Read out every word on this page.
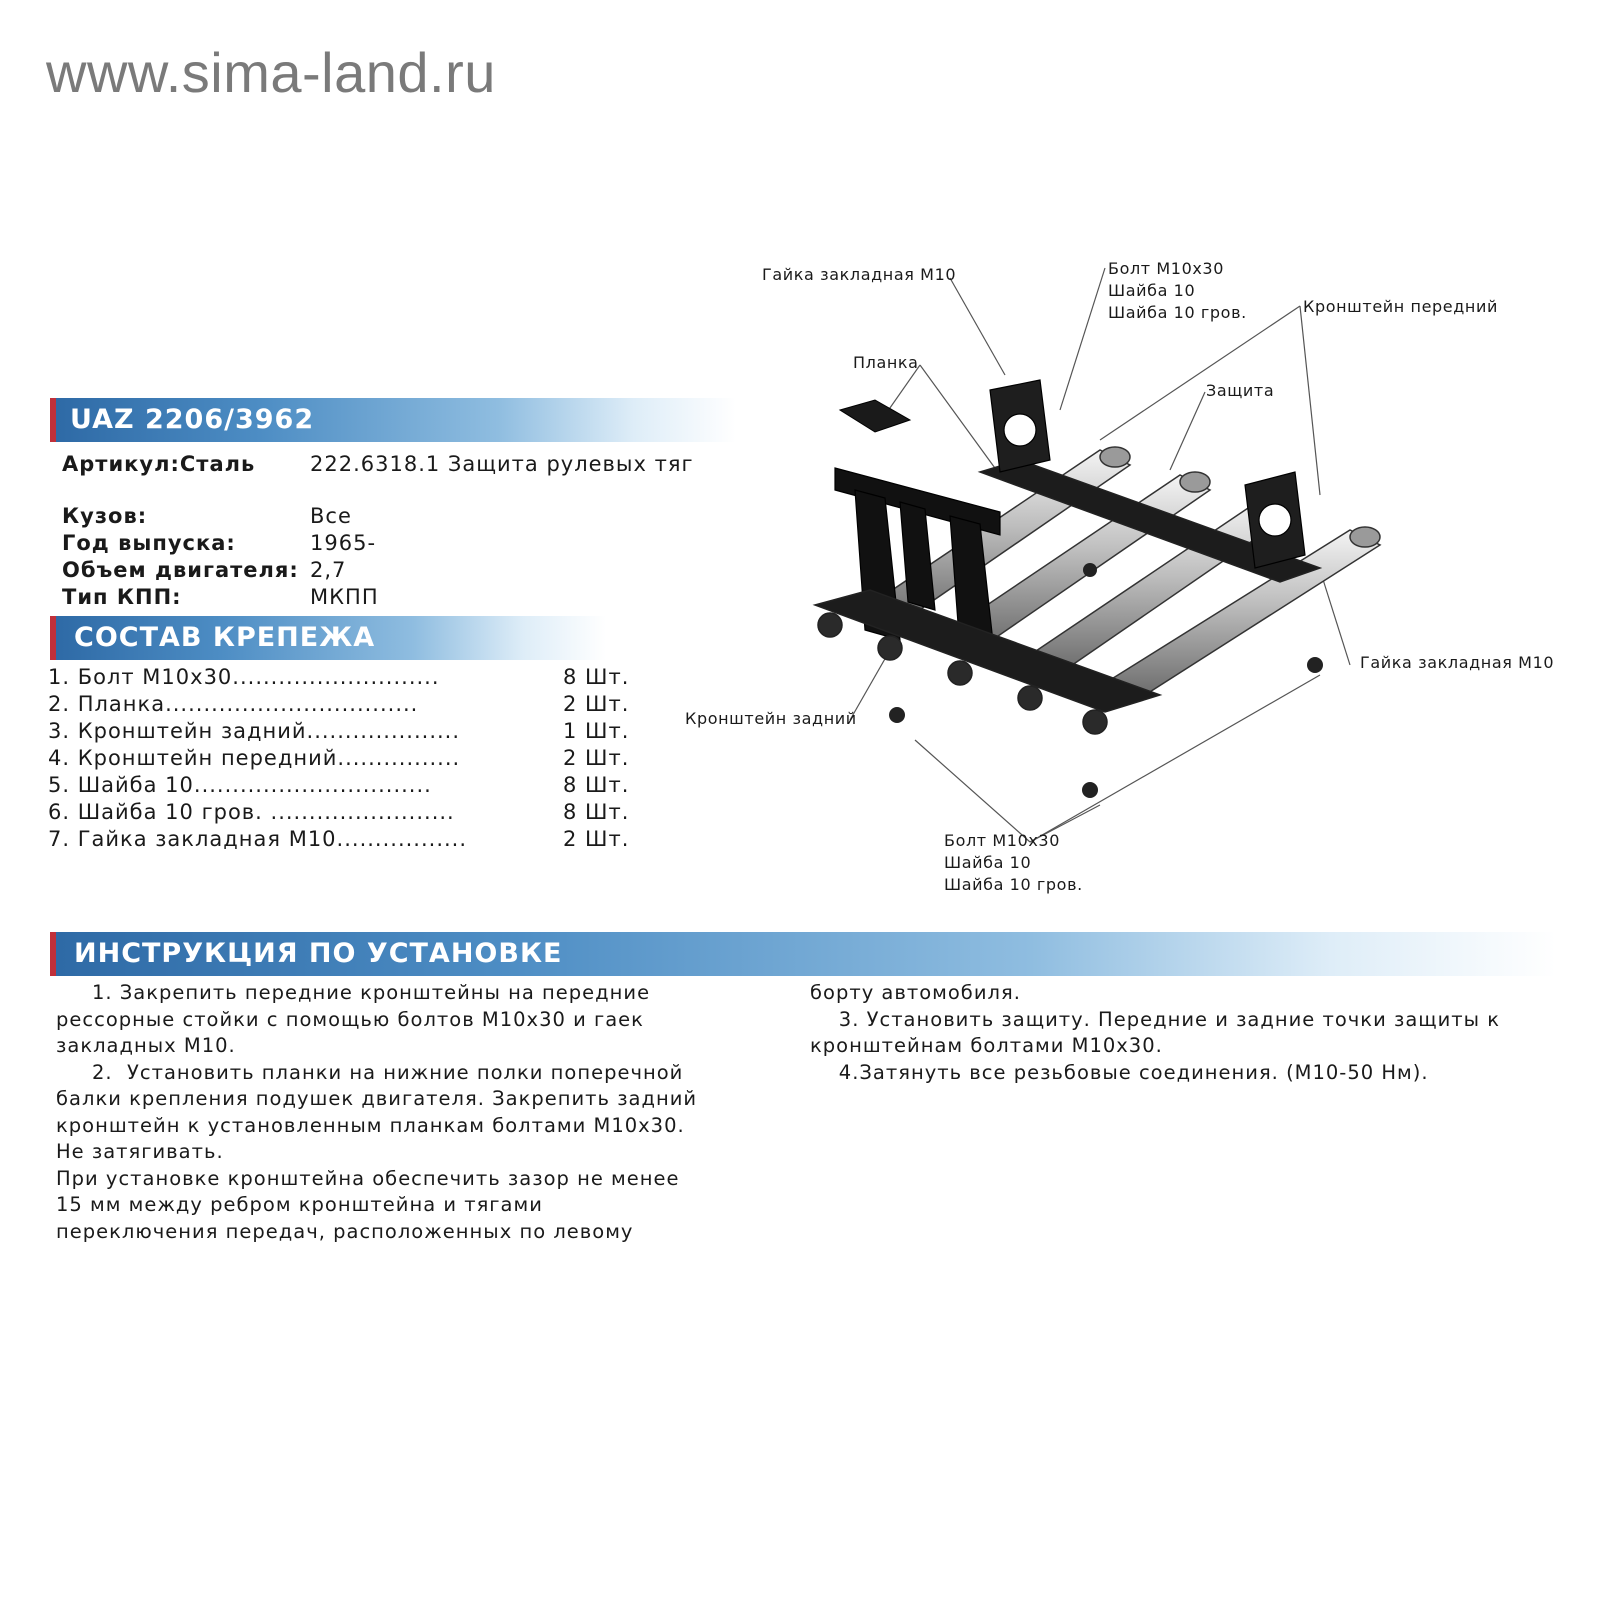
www.sima-land.ru
UAZ 2206/3962
Артикул:Сталь	222.6318.1 Защита рулевых тяг
Кузов:	Все
Год выпуска:	1965-
Объем двигателя: 2,7
Тип КПП:	МКПП
СОСТАВ КРЕПЕЖА
1. Болт М10х30...........................	8 Шт.
2. Планка.................................	2 Шт.
3. Кронштейн задний....................	1 Шт.
4. Кронштейн передний................	2 Шт.
5. Шайба 10...............................	8 Шт.
6. Шайба 10 гров. ........................	8 Шт.
7. Гайка закладная М10.................	2 Шт.
ИНСТРУКЦИЯ ПО УСТАНОВКЕ
1. Закрепить передние кронштейны на передние
рессорные стойки с помощью болтов М10х30 и гаек
закладных М10.
2.  Установить планки на нижние полки поперечной
балки крепления подушек двигателя. Закрепить задний
кронштейн к установленным планкам болтами М10х30.
Не затягивать.
При установке кронштейна обеспечить зазор не менее
15 мм между ребром кронштейна и тягами
переключения передач, расположенных по левому
борту автомобиля.
3. Установить защиту. Передние и задние точки защиты к
кронштейнам болтами М10х30.
4.Затянуть все резьбовые соединения. (М10-50 Нм).
Гайка закладная М10	Болт М10х30
Шайба 10
Шайба 10 гров.	Кронштейн передний
Планка
Защита
Гайка закладная М10
Кронштейн задний
Болт М10х30
Шайба 10
Шайба 10 гров.
